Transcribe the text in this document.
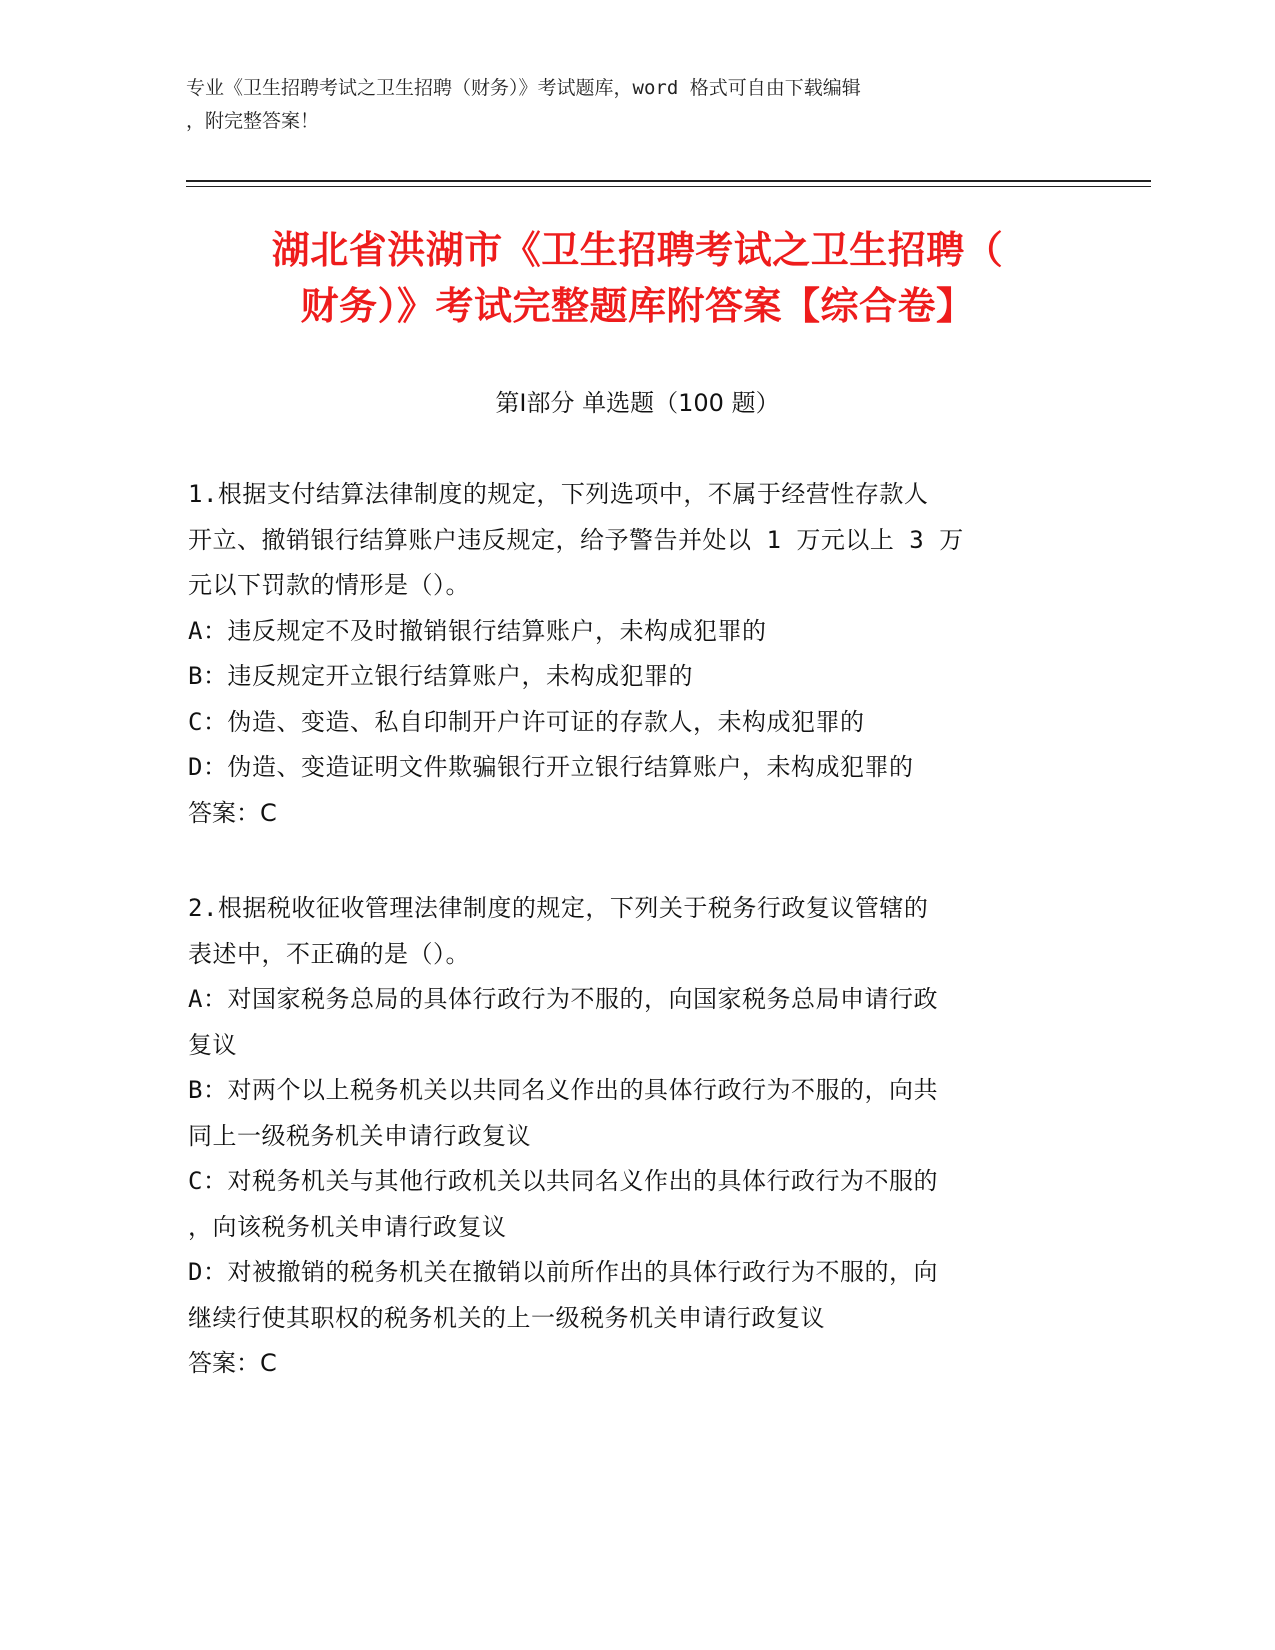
专业《卫生招聘考试之卫生招聘（财务）》考试题库，word 格式可自由下载编辑
，附完整答案！
湖北省洪湖市《卫生招聘考试之卫生招聘（
财务）》考试完整题库附答案【综合卷】
第Ⅰ部分 单选题（100 题）
1.根据支付结算法律制度的规定，下列选项中，不属于经营性存款人
开立、撤销银行结算账户违反规定，给予警告并处以 1 万元以上 3 万
元以下罚款的情形是（）。
A：违反规定不及时撤销银行结算账户，未构成犯罪的
B：违反规定开立银行结算账户，未构成犯罪的
C：伪造、变造、私自印制开户许可证的存款人，未构成犯罪的
D：伪造、变造证明文件欺骗银行开立银行结算账户，未构成犯罪的
答案：C
2.根据税收征收管理法律制度的规定，下列关于税务行政复议管辖的
表述中，不正确的是（）。
A：对国家税务总局的具体行政行为不服的，向国家税务总局申请行政
复议
B：对两个以上税务机关以共同名义作出的具体行政行为不服的，向共
同上一级税务机关申请行政复议
C：对税务机关与其他行政机关以共同名义作出的具体行政行为不服的
，向该税务机关申请行政复议
D：对被撤销的税务机关在撤销以前所作出的具体行政行为不服的，向
继续行使其职权的税务机关的上一级税务机关申请行政复议
答案：C
